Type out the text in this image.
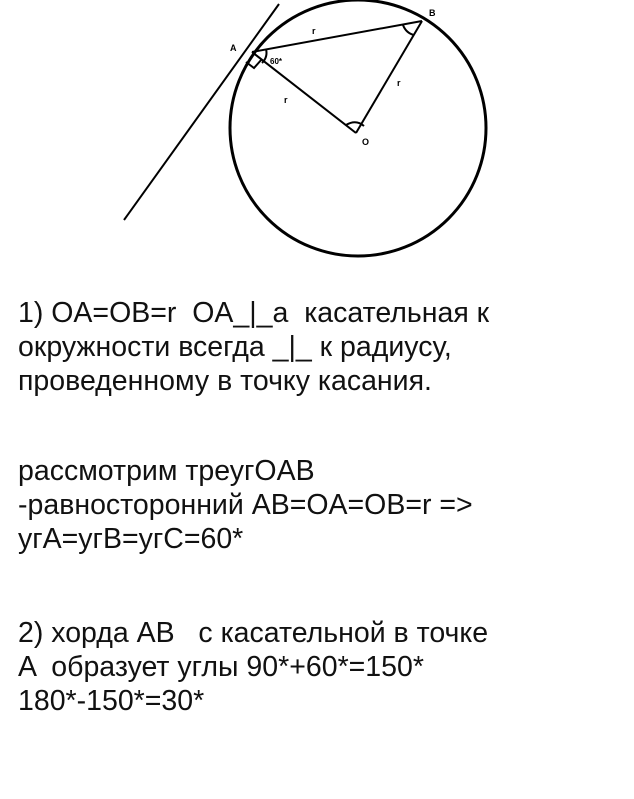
A
B
O
60*
r
r
r

1) OA=OB=r  OA_|_a  касательная к

окружности всегда _|_ к радиусу,

проведенному в точку касания.

рассмотрим треугOAB

-равносторонний AB=OA=OB=r =>

угA=угB=угC=60*

2) хорда AB   с касательной в точке

A  образует углы 90*+60*=150*

180*-150*=30*
